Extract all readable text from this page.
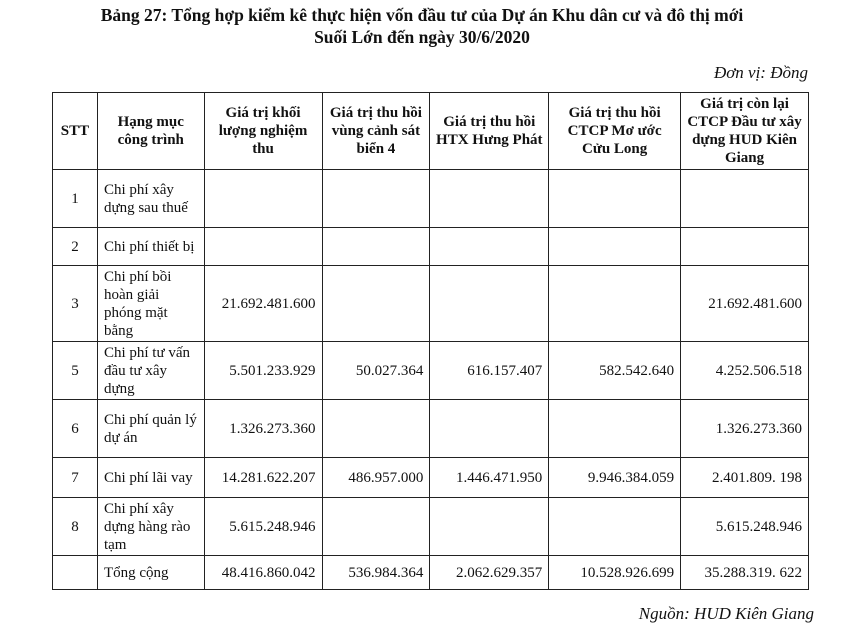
Bảng 27: Tổng hợp kiểm kê thực hiện vốn đầu tư của Dự án Khu dân cư và đô thị mới
Suối Lớn đến ngày 30/6/2020
Đơn vị: Đồng
STT	Hạng mục công trình	Giá trị khối lượng nghiệm thu	Giá trị thu hồi vùng cảnh sát biển 4	Giá trị thu hồi HTX Hưng Phát	Giá trị thu hồi CTCP Mơ ước Cửu Long	Giá trị còn lại CTCP Đầu tư xây dựng HUD Kiên Giang
1	Chi phí xây dựng sau thuế					
2	Chi phí thiết bị					
3	Chi phí bồi hoàn giải phóng mặt bằng	21.692.481.600				21.692.481.600
5	Chi phí tư vấn đầu tư xây dựng	5.501.233.929	50.027.364	616.157.407	582.542.640	4.252.506.518
6	Chi phí quản lý dự án	1.326.273.360				1.326.273.360
7	Chi phí lãi vay	14.281.622.207	486.957.000	1.446.471.950	9.946.384.059	2.401.809. 198
8	Chi phí xây dựng hàng rào tạm	5.615.248.946				5.615.248.946
	Tổng cộng	48.416.860.042	536.984.364	2.062.629.357	10.528.926.699	35.288.319. 622
Nguồn: HUD Kiên Giang
